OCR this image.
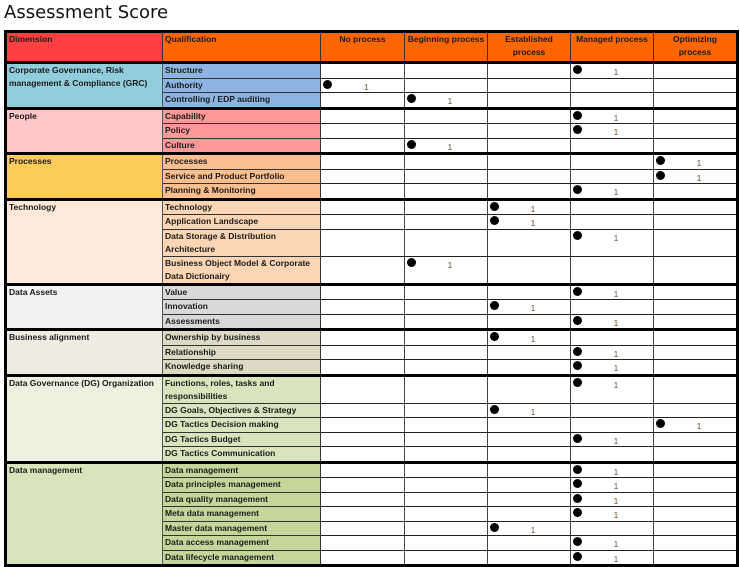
Assessment Score
Dimension	Qualification	No process	Beginning process	Established process	Managed process	Optimizing process
Corporate Governance, Risk management & Compliance (GRC)	Structure				1	

	Authority	1				

	Controlling / EDP auditing		1			

People	Capability				1	

	Policy				1	

	Culture		1			

Processes	Processes					1

	Service and Product Portfolio					1

	Planning & Monitoring				1	

Technology	Technology			1		

	Application Landscape			1		

	Data Storage & Distribution Architecture				1	

	Business Object Model & Corporate Data Dictionairy		1			

Data Assets	Value				1	

	Innovation			1		

	Assessments				1	

Business alignment	Ownership by business			1		

	Relationship				1	

	Knowledge sharing				1	

Data Governance (DG) Organization	Functions, roles, tasks and responsibilities				1	

	DG Goals, Objectives & Strategy			1		

	DG Tactics Decision making					1

	DG Tactics Budget				1	

	DG Tactics Communication					
Data management	Data management				1	

	Data principles management				1	

	Data quality management				1	

	Meta data management				1	

	Master data management			1		

	Data access management				1	

	Data lifecycle management				1	
